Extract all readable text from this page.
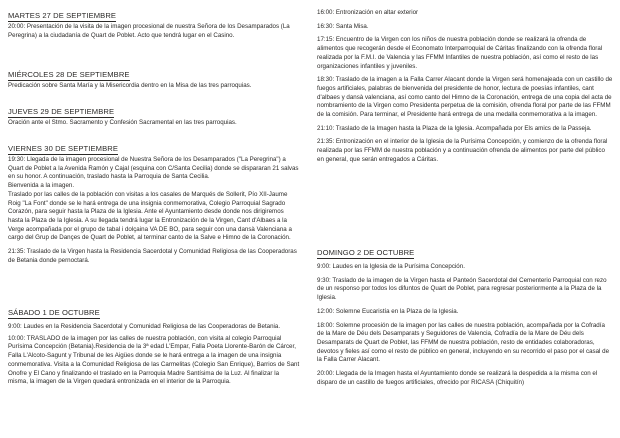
MARTES 27 DE SEPTIEMBRE

20:00: Presentación de la visita de la imagen procesional de nuestra Señora de los Desamparados (La Peregrina) a la ciudadanía de Quart de Poblet. Acto que tendrá lugar en el Casino.

MIÉRCOLES 28 DE SEPTIEMBRE

Predicación sobre Santa María y la Misericordia dentro en la Misa de las tres parroquias.

JUEVES 29 DE SEPTIEMBRE

Oración ante el Stmo. Sacramento y Confesión Sacramental en las tres parroquias.

VIERNES 30 DE SEPTIEMBRE

19:30: Llegada de la imagen procesional de Nuestra Señora de los Desamparados ("La Peregrina") a Quart de Poblet a la Avenida Ramón y Cajal (esquina con C/Santa Cecilia) donde se dispararan 21 salvas en su honor. A continuación, traslado hasta la Parroquia de Santa Cecilia.

Bienvenida a la imagen.

Traslado por las calles de la población con visitas a los casales de Marqués de Sollerit, Pío XII-Jaume Roig "La Font" donde se le hará entrega de una insignia conmemorativa, Colegio Parroquial Sagrado Corazón, para seguir hasta la Plaza de la Iglesia. Ante el Ayuntamiento desde donde nos dirigiremos hasta la Plaza de la Iglesia. A su llegada tendrá lugar la Entronización de la Virgen, Cant d'Albaes a la Verge acompañada por el grupo de tabal i dolçaina VA DE BO, para seguir con una dansà Valenciana a cargo del Grup de Dançes de Quart de Poblet, al terminar canto de la Salve e Himno de la Coronación.

21:35: Traslado de la Virgen hasta la Residencia Sacerdotal y Comunidad Religiosa de las Cooperadoras de Betania donde pernoctará.

SÁBADO 1 DE OCTUBRE

9:00: Laudes en la Residencia Sacerdotal y Comunidad Religiosa de las Cooperadoras de Betania.

10:00: TRASLADO de la imagen por las calles de nuestra población, con visita al colegio Parroquial Purísima Concepción (Betania).Residencia de la 3ª edad L'Empar, Falla Poeta Llorente-Barón de Cárcer, Falla L'Alcoto-Sagunt y Tribunal de les Aigües donde se le hará entrega a la imagen de una insignia conmemorativa. Visita a la Comunidad Religiosa de las Carmelitas (Colegio San Enrique), Barrios de Sant Onofre y El Cano y finalizando el traslado en la Parroquia Madre Santísima de la Luz. Al finalizar la misma, la imagen de la Virgen quedará entronizada en el interior de la Parroquia.

16:00: Entronización en altar exterior

16:30: Santa Misa.

17:15: Encuentro de la Virgen con los niños de nuestra población donde se realizará la ofrenda de alimentos que recogerán desde el Economato Interparroquial de Cáritas finalizando con la ofrenda floral realizada por la F.M.I. de Valencia y las FFMM Infantiles de nuestra población, así como el resto de las organizaciones infantiles y juveniles.

18:30: Traslado de la imagen a la Falla Carrer Alacant donde la Virgen será homenajeada con un castillo de fuegos artificiales, palabras de bienvenida del presidente de honor, lectura de poesías infantiles, cant d'albaes y dansà valenciana, así como canto del Himno de la Coronación, entrega de una copia del acta de nombramiento de la Virgen como Presidenta perpetua de la comisión, ofrenda floral por parte de las FFMM de la comisión. Para terminar, el Presidente hará entrega de una medalla conmemorativa a la imagen.

21:10: Traslado de la Imagen hasta la Plaza de la Iglesia. Acompañada por Els amics de la Passeja.

21:35: Entronización en el interior de la Iglesia de la Purísima Concepción, y comienzo de la ofrenda floral realizada por las FFMM de nuestra población y a continuación ofrenda de alimentos por parte del público en general, que serán entregados a Cáritas.

DOMINGO 2 DE OCTUBRE

9:00: Laudes en la Iglesia de la Purísima Concepción.

9:30: Traslado de la imagen de la Virgen hasta el Panteón Sacerdotal del Cementerio Parroquial con rezo de un responso por todos los difuntos de Quart de Poblet, para regresar posteriormente a la Plaza de la Iglesia.

12:00: Solemne Eucaristía en la Plaza de la Iglesia.

18:00: Solemne procesión de la imagen por las calles de nuestra población, acompañada por la Cofradía de la Mare de Déu dels Desamparats y Seguidores de Valencia, Cofradía de la Mare de Déu dels Desamparats de Quart de Poblet, las FFMM de nuestra población, resto de entidades colaboradoras, devotos y fieles así como el resto de público en general, incluyendo en su recorrido el paso por el casal de la Falla Carrer Alacant.

20:00: Llegada de la Imagen hasta el Ayuntamiento donde se realizará la despedida a la misma con el disparo de un castillo de fuegos artificiales, ofrecido por RICASA (Chiquitín)
